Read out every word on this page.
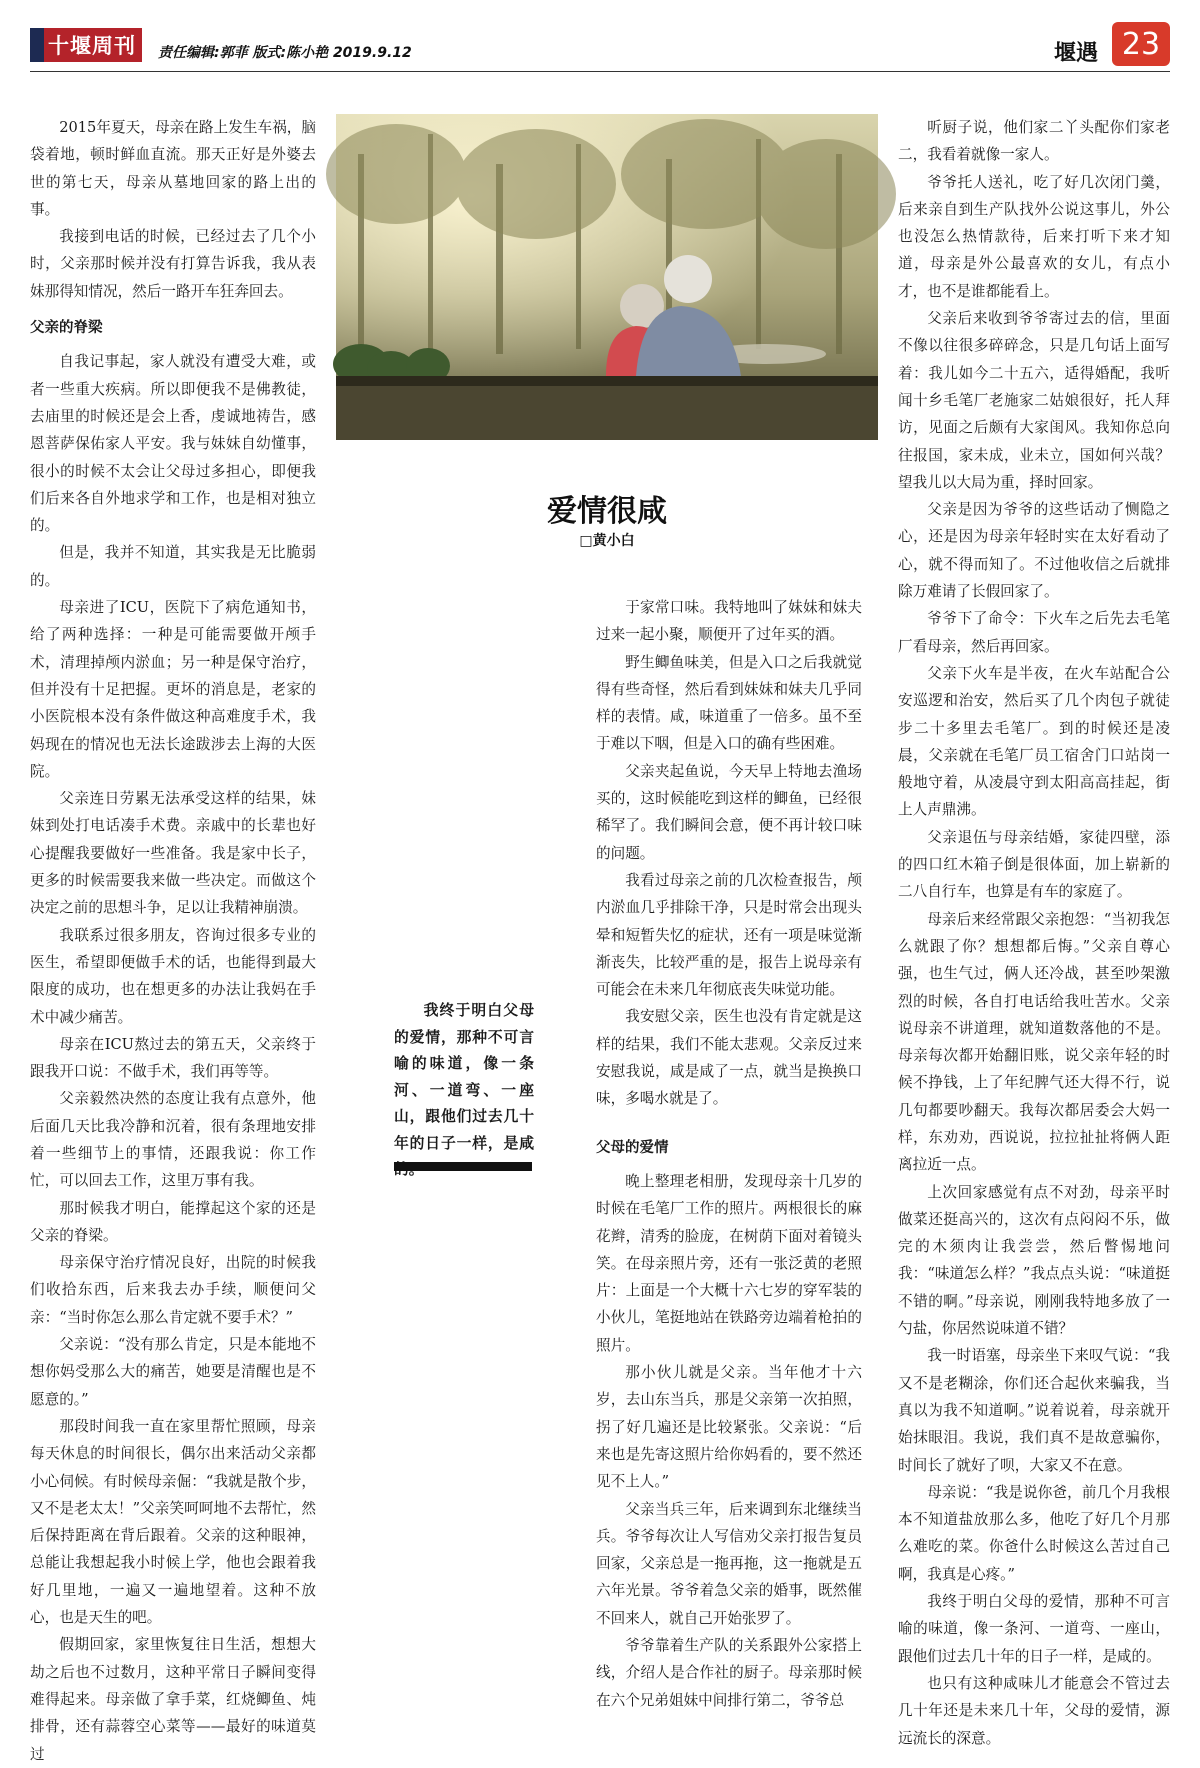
十堰周刊 责任编辑:郭菲 版式:陈小艳 2019.9.12	堰遇 23

2015年夏天，母亲在路上发生车祸，脑袋着地，顿时鲜血直流。那天正好是外婆去世的第七天，母亲从墓地回家的路上出的事。

我接到电话的时候，已经过去了几个小时，父亲那时候并没有打算告诉我，我从表妹那得知情况，然后一路开车狂奔回去。

父亲的脊梁

自我记事起，家人就没有遭受大难，或者一些重大疾病。所以即便我不是佛教徒，去庙里的时候还是会上香，虔诚地祷告，感恩菩萨保佑家人平安。我与妹妹自幼懂事，很小的时候不太会让父母过多担心，即便我们后来各自外地求学和工作，也是相对独立的。

但是，我并不知道，其实我是无比脆弱的。

母亲进了ICU，医院下了病危通知书，给了两种选择：一种是可能需要做开颅手术，清理掉颅内淤血；另一种是保守治疗，但并没有十足把握。更坏的消息是，老家的小医院根本没有条件做这种高难度手术，我妈现在的情况也无法长途跋涉去上海的大医院。

父亲连日劳累无法承受这样的结果，妹妹到处打电话凑手术费。亲戚中的长辈也好心提醒我要做好一些准备。我是家中长子，更多的时候需要我来做一些决定。而做这个决定之前的思想斗争，足以让我精神崩溃。

我联系过很多朋友，咨询过很多专业的医生，希望即便做手术的话，也能得到最大限度的成功，也在想更多的办法让我妈在手术中减少痛苦。

母亲在ICU熬过去的第五天，父亲终于跟我开口说：不做手术，我们再等等。

父亲毅然决然的态度让我有点意外，他后面几天比我冷静和沉着，很有条理地安排着一些细节上的事情，还跟我说：你工作忙，可以回去工作，这里万事有我。

那时候我才明白，能撑起这个家的还是父亲的脊梁。

母亲保守治疗情况良好，出院的时候我们收拾东西，后来我去办手续，顺便问父亲：“当时你怎么那么肯定就不要手术？”

父亲说：“没有那么肯定，只是本能地不想你妈受那么大的痛苦，她要是清醒也是不愿意的。”

那段时间我一直在家里帮忙照顾，母亲每天休息的时间很长，偶尔出来活动父亲都小心伺候。有时候母亲倔：“我就是散个步，又不是老太太！”父亲笑呵呵地不去帮忙，然后保持距离在背后跟着。父亲的这种眼神，总能让我想起我小时候上学，他也会跟着我好几里地，一遍又一遍地望着。这种不放心，也是天生的吧。

假期回家，家里恢复往日生活，想想大劫之后也不过数月，这种平常日子瞬间变得难得起来。母亲做了拿手菜，红烧鲫鱼、炖排骨，还有蒜蓉空心菜等——最好的味道莫过

爱情很咸
□黄小白
我终于明白父母的爱情，那种不可言喻的味道，像一条河、一道弯、一座山，跟他们过去几十年的日子一样，是咸

于家常口味。我特地叫了妹妹和妹夫过来一起小聚，顺便开了过年买的酒。

野生鲫鱼味美，但是入口之后我就觉得有些奇怪，然后看到妹妹和妹夫几乎同样的表情。咸，味道重了一倍多。虽不至于难以下咽，但是入口的确有些困难。

父亲夹起鱼说，今天早上特地去渔场买的，这时候能吃到这样的鲫鱼，已经很稀罕了。我们瞬间会意，便不再计较口味的问题。

我看过母亲之前的几次检查报告，颅内淤血几乎排除干净，只是时常会出现头晕和短暂失忆的症状，还有一项是味觉渐渐丧失，比较严重的是，报告上说母亲有可能会在未来几年彻底丧失味觉功能。

我安慰父亲，医生也没有肯定就是这样的结果，我们不能太悲观。父亲反过来安慰我说，咸是咸了一点，就当是换换口味，多喝水就是了。

父母的爱情

晚上整理老相册，发现母亲十几岁的时候在毛笔厂工作的照片。两根很长的麻花辫，清秀的脸庞，在树荫下面对着镜头笑。在母亲照片旁，还有一张泛黄的老照片：上面是一个大概十六七岁的穿军装的小伙儿，笔挺地站在铁路旁边端着枪拍的照片。

那小伙儿就是父亲。当年他才十六岁，去山东当兵，那是父亲第一次拍照，拐了好几遍还是比较紧张。父亲说：“后来也是先寄这照片给你妈看的，要不然还见不上人。”

父亲当兵三年，后来调到东北继续当兵。爷爷每次让人写信劝父亲打报告复员回家，父亲总是一拖再拖，这一拖就是五六年光景。爷爷着急父亲的婚事，既然催不回来人，就自己开始张罗了。

爷爷靠着生产队的关系跟外公家搭上线，介绍人是合作社的厨子。母亲那时候在六个兄弟姐妹中间排行第二，爷爷总

听厨子说，他们家二丫头配你们家老二，我看着就像一家人。

爷爷托人送礼，吃了好几次闭门羹，后来亲自到生产队找外公说这事儿，外公也没怎么热情款待，后来打听下来才知道，母亲是外公最喜欢的女儿，有点小才，也不是谁都能看上。

父亲后来收到爷爷寄过去的信，里面不像以往很多碎碎念，只是几句话上面写着：我儿如今二十五六，适得婚配，我听闻十乡毛笔厂老施家二姑娘很好，托人拜访，见面之后颇有大家闺风。我知你总向往报国，家未成，业未立，国如何兴哉？望我儿以大局为重，择时回家。

父亲是因为爷爷的这些话动了恻隐之心，还是因为母亲年轻时实在太好看动了心，就不得而知了。不过他收信之后就排除万难请了长假回家了。

爷爷下了命令：下火车之后先去毛笔厂看母亲，然后再回家。

父亲下火车是半夜，在火车站配合公安巡逻和治安，然后买了几个肉包子就徒步二十多里去毛笔厂。到的时候还是凌晨，父亲就在毛笔厂员工宿舍门口站岗一般地守着，从凌晨守到太阳高高挂起，街上人声鼎沸。

父亲退伍与母亲结婚，家徒四壁，添的四口红木箱子倒是很体面，加上崭新的二八自行车，也算是有车的家庭了。

母亲后来经常跟父亲抱怨：“当初我怎么就跟了你？想想都后悔。”父亲自尊心强，也生气过，俩人还冷战，甚至吵架激烈的时候，各自打电话给我吐苦水。父亲说母亲不讲道理，就知道数落他的不是。母亲每次都开始翻旧账，说父亲年轻的时候不挣钱，上了年纪脾气还大得不行，说几句都要吵翻天。我每次都居委会大妈一样，东劝劝，西说说，拉拉扯扯将俩人距离拉近一点。

上次回家感觉有点不对劲，母亲平时做菜还挺高兴的，这次有点闷闷不乐，做完的木须肉让我尝尝，然后瞥惕地问我：“味道怎么样？”我点点头说：“味道挺不错的啊。”母亲说，刚刚我特地多放了一勺盐，你居然说味道不错？

我一时语塞，母亲坐下来叹气说：“我又不是老糊涂，你们还合起伙来骗我，当真以为我不知道啊。”说着说着，母亲就开始抹眼泪。我说，我们真不是故意骗你，时间长了就好了呗，大家又不在意。

母亲说：“我是说你爸，前几个月我根本不知道盐放那么多，他吃了好几个月那么难吃的菜。你爸什么时候这么苦过自己啊，我真是心疼。”

我终于明白父母的爱情，那种不可言喻的味道，像一条河、一道弯、一座山，跟他们过去几十年的日子一样，是咸的。

也只有这种咸味儿才能意会不管过去几十年还是未来几十年，父母的爱情，源远流长的深意。
